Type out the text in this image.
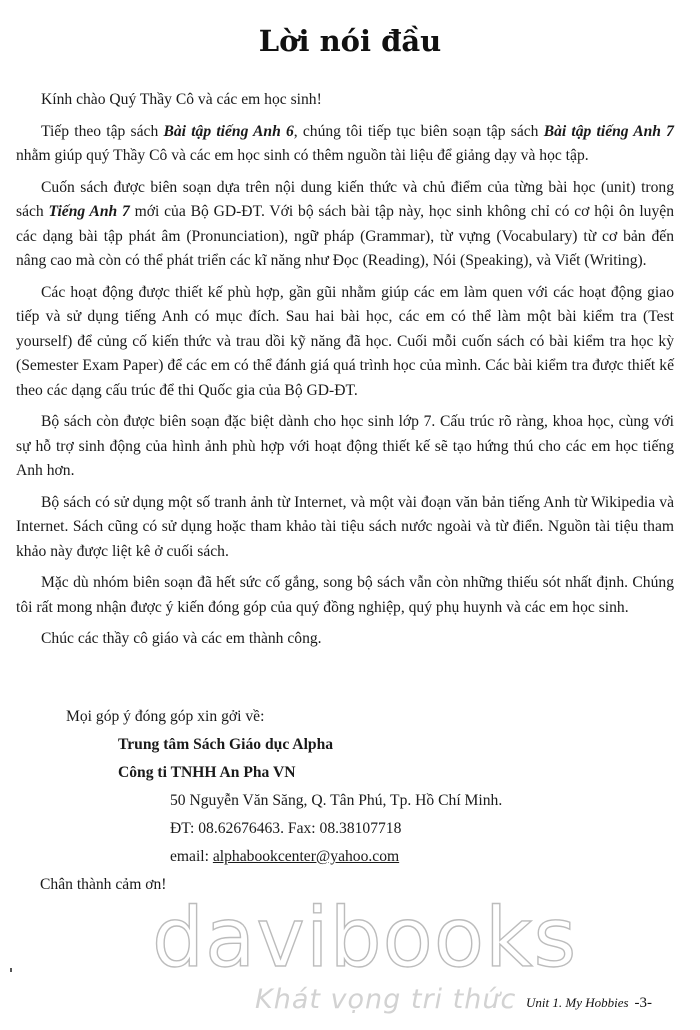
Lời nói đầu

Kính chào Quý Thầy Cô và các em học sinh!

Tiếp theo tập sách Bài tập tiếng Anh 6, chúng tôi tiếp tục biên soạn tập sách Bài tập tiếng Anh 7 nhằm giúp quý Thầy Cô và các em học sinh có thêm nguồn tài liệu để giảng dạy và học tập.

Cuốn sách được biên soạn dựa trên nội dung kiến thức và chủ điểm của từng bài học (unit) trong sách Tiếng Anh 7 mới của Bộ GD-ĐT. Với bộ sách bài tập này, học sinh không chỉ có cơ hội ôn luyện các dạng bài tập phát âm (Pronunciation), ngữ pháp (Grammar), từ vựng (Vocabulary) từ cơ bản đến nâng cao mà còn có thể phát triển các kĩ năng như Đọc (Reading), Nói (Speaking), và Viết (Writing).

Các hoạt động được thiết kế phù hợp, gần gũi nhằm giúp các em làm quen với các hoạt động giao tiếp và sử dụng tiếng Anh có mục đích. Sau hai bài học, các em có thể làm một bài kiểm tra (Test yourself) để củng cố kiến thức và trau dồi kỹ năng đã học. Cuối mỗi cuốn sách có bài kiểm tra học kỳ (Semester Exam Paper) để các em có thể đánh giá quá trình học của mình. Các bài kiểm tra được thiết kế theo các dạng cấu trúc để thi Quốc gia của Bộ GD-ĐT.

Bộ sách còn được biên soạn đặc biệt dành cho học sinh lớp 7. Cấu trúc rõ ràng, khoa học, cùng với sự hỗ trợ sinh động của hình ảnh phù hợp với hoạt động thiết kế sẽ tạo hứng thú cho các em học tiếng Anh hơn.

Bộ sách có sử dụng một số tranh ảnh từ Internet, và một vài đoạn văn bản tiếng Anh từ Wikipedia và Internet. Sách cũng có sử dụng hoặc tham khảo tài tiệu sách nước ngoài và từ điển. Nguồn tài tiệu tham khảo này được liệt kê ở cuối sách.

Mặc dù nhóm biên soạn đã hết sức cố gắng, song bộ sách vẫn còn những thiếu sót nhất định. Chúng tôi rất mong nhận được ý kiến đóng góp của quý đồng nghiệp, quý phụ huynh và các em học sinh.

Chúc các thầy cô giáo và các em thành công.

Mọi góp ý đóng góp xin gởi về:
Trung tâm Sách Giáo dục Alpha
Công ti TNHH An Pha VN
50 Nguyễn Văn Săng, Q. Tân Phú, Tp. Hồ Chí Minh.
ĐT: 08.62676463. Fax: 08.38107718
email: alphabookcenter@yahoo.com
Chân thành cảm ơn!
davibooks
Khát vọng tri thức Unit 1. My Hobbies -3-
